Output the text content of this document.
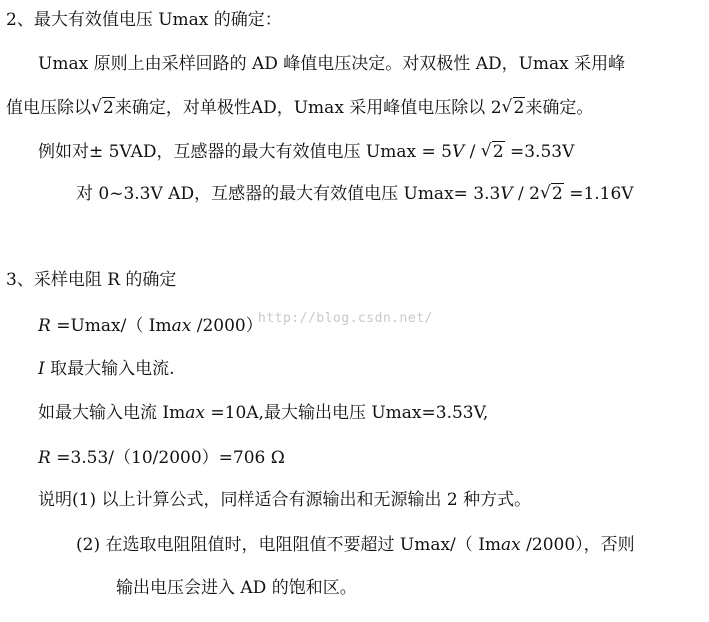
2、最大有效值电压 Umax 的确定：
Umax 原则上由采样回路的 AD 峰值电压决定。对双极性 AD，Umax 采用峰
值电压除以 √ 2来确定，对单极性AD，Umax 采用峰值电压除以 2 √ 2来确定。
例如对± 5VAD，互感器的最大有效值电压 Umax = 5V / √ 2 =3.53V
对 0~3.3V AD，互感器的最大有效值电压 Umax= 3.3V / 2 √ 2 =1.16V
3、采样电阻 R 的确定
R =Umax/（ Imax /2000）
http://blog.csdn.net/
I 取最大输入电流.
如最大输入电流 Imax =10A,最大输出电压 Umax=3.53V,
R =3.53/（10/2000）=706 Ω
说明(1) 以上计算公式，同样适合有源输出和无源输出 2 种方式。
(2) 在选取电阻阻值时，电阻阻值不要超过 Umax/（ Imax /2000），否则
输出电压会进入 AD 的饱和区。
